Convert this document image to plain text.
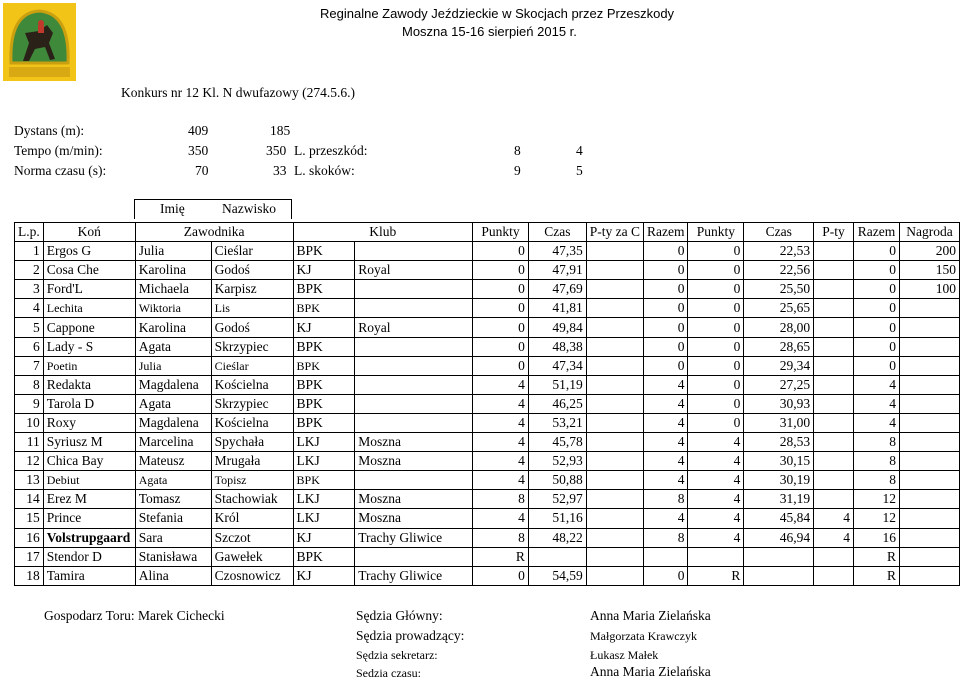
Reginalne Zawody Jeździeckie w Skocjach przez Przeszkody
Moszna 15-16 sierpień 2015 r.
Konkurs nr 12 Kl. N dwufazowy (274.5.6.)
Dystans (m):	409	185
Tempo (m/min):	350	350 L. przeszkód:	8	4
Norma czasu (s):	70	33 L. skoków:	9	5
Imię	Nazwisko
L.p.	Koń	Zawodnika		Klub		Punkty	Czas	P-ty za C	Razem	Punkty	Czas	P-ty	Razem	Nagroda
1	Ergos G	Julia	Cieślar	BPK		0	47,35		0	0	22,53		0	200
2	Cosa Che	Karolina	Godoś	KJ	Royal	0	47,91		0	0	22,56		0	150
3	Ford'L	Michaela	Karpisz	BPK		0	47,69		0	0	25,50		0	100
4	Lechita	Wiktoria	Lis	BPK		0	41,81		0	0	25,65		0	
5	Cappone	Karolina	Godoś	KJ	Royal	0	49,84		0	0	28,00		0	
6	Lady - S	Agata	Skrzypiec	BPK		0	48,38		0	0	28,65		0	
7	Poetin	Julia	Cieślar	BPK		0	47,34		0	0	29,34		0	
8	Redakta	Magdalena	Kościelna	BPK		4	51,19		4	0	27,25		4	
9	Tarola D	Agata	Skrzypiec	BPK		4	46,25		4	0	30,93		4	
10	Roxy	Magdalena	Kościelna	BPK		4	53,21		4	0	31,00		4	
11	Syriusz M	Marcelina	Spychała	LKJ	Moszna	4	45,78		4	4	28,53		8	
12	Chica Bay	Mateusz	Mrugała	LKJ	Moszna	4	52,93		4	4	30,15		8	
13	Debiut	Agata	Topisz	BPK		4	50,88		4	4	30,19		8	
14	Erez M	Tomasz	Stachowiak	LKJ	Moszna	8	52,97		8	4	31,19		12	
15	Prince	Stefania	Król	LKJ	Moszna	4	51,16		4	4	45,84	4	12	
16	Volstrupgaard	Sara	Szczot	KJ	Trachy Gliwice	8	48,22		8	4	46,94	4	16	
17	Stendor D	Stanisława	Gawełek	BPK		R							R	
18	Tamira	Alina	Czosnowicz	KJ	Trachy Gliwice	0	54,59		0	R			R	
Gospodarz Toru: Marek Cichecki	Sędzia Główny:	Anna Maria Zielańska
Sędzia prowadzący:	Małgorzata Krawczyk
Sędzia sekretarz:	Łukasz Małek
Sedzia czasu:	Anna Maria Zielańska
